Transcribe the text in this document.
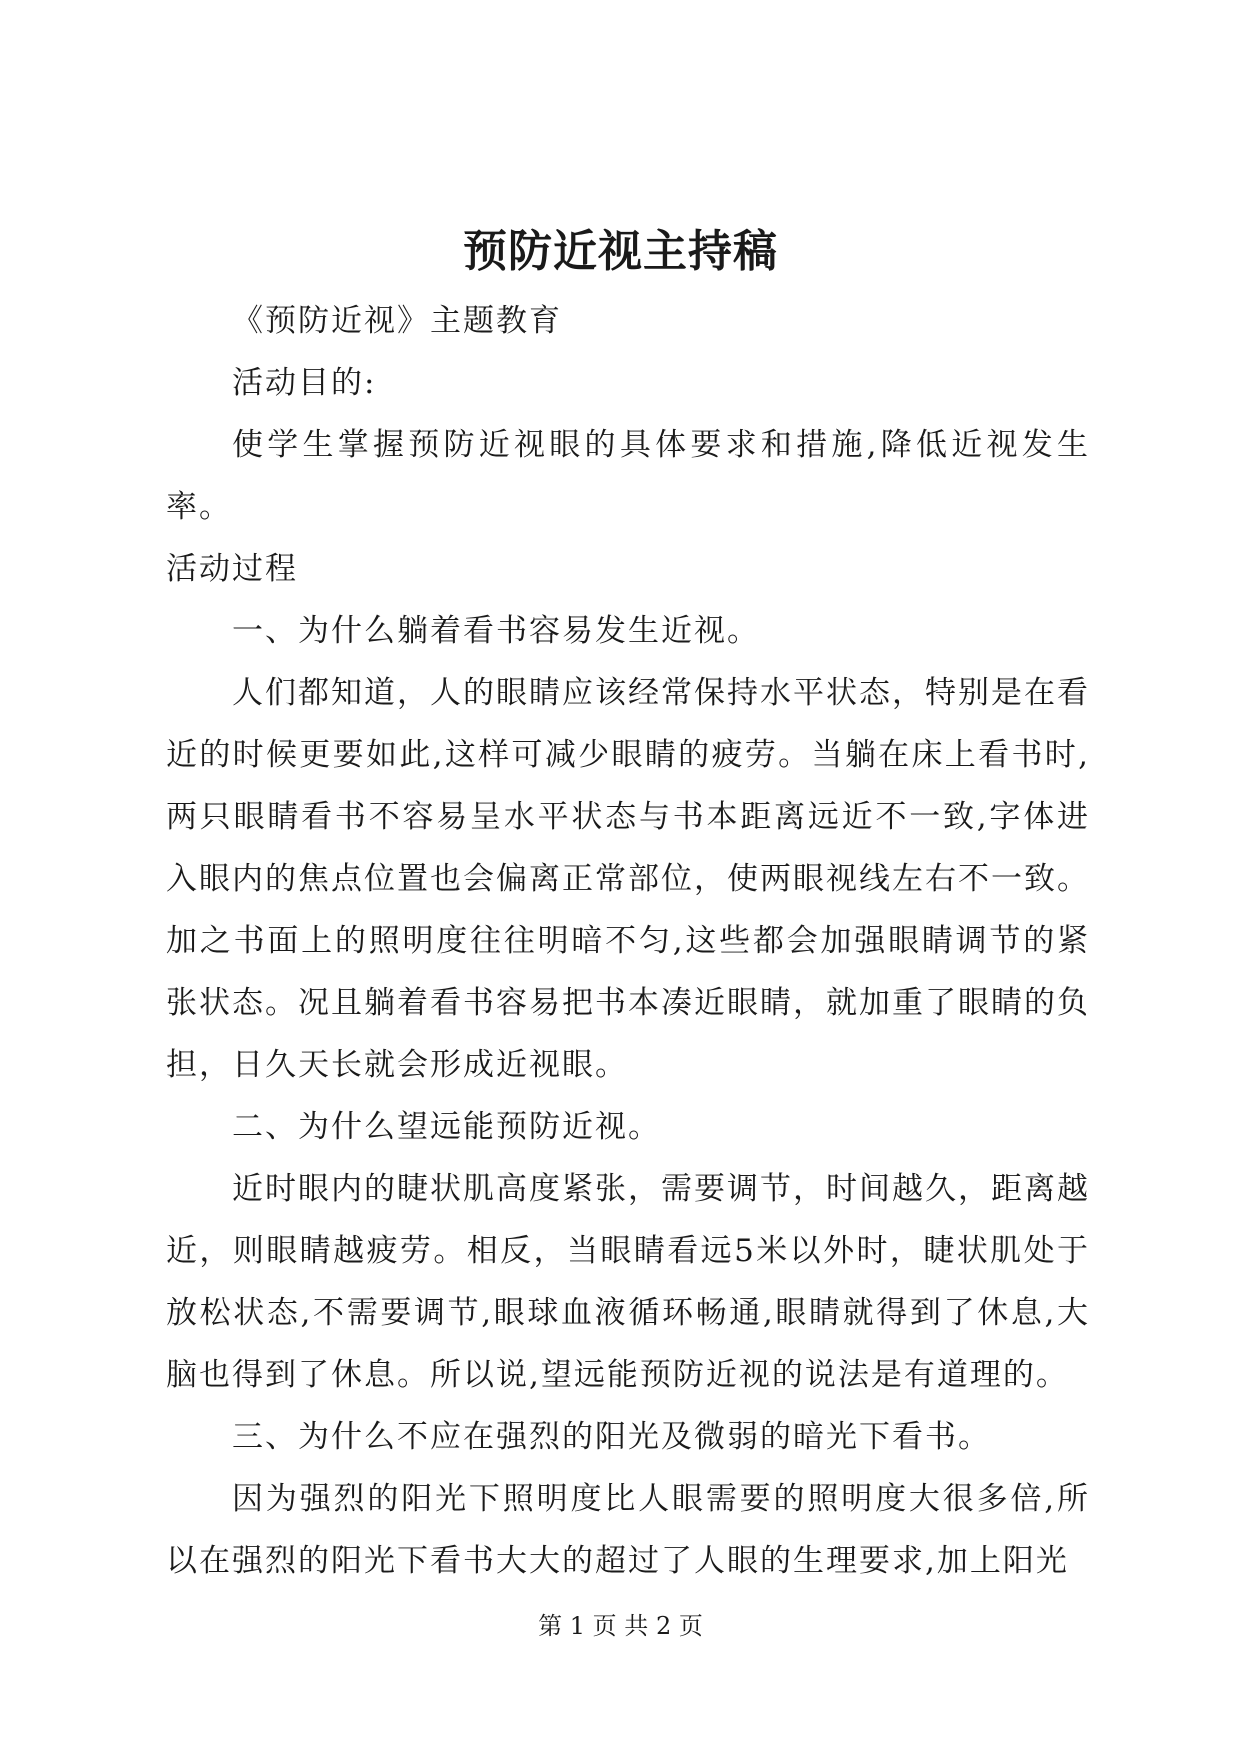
预防近视主持稿

《预防近视》主题教育

活动目的:

使学生掌握预防近视眼的具体要求和措施,降低近视发生率。

活动过程

一、为什么躺着看书容易发生近视。

人们都知道，人的眼睛应该经常保持水平状态，特别是在看近的时候更要如此,这样可减少眼睛的疲劳。当躺在床上看书时,两只眼睛看书不容易呈水平状态与书本距离远近不一致,字体进入眼内的焦点位置也会偏离正常部位，使两眼视线左右不一致。加之书面上的照明度往往明暗不匀,这些都会加强眼睛调节的紧张状态。况且躺着看书容易把书本凑近眼睛，就加重了眼睛的负担，日久天长就会形成近视眼。

二、为什么望远能预防近视。

近时眼内的睫状肌高度紧张，需要调节，时间越久，距离越近，则眼睛越疲劳。相反，当眼睛看远5米以外时，睫状肌处于放松状态,不需要调节,眼球血液循环畅通,眼睛就得到了休息,大脑也得到了休息。所以说,望远能预防近视的说法是有道理的。

三、为什么不应在强烈的阳光及微弱的暗光下看书。

因为强烈的阳光下照明度比人眼需要的照明度大很多倍,所以在强烈的阳光下看书大大的超过了人眼的生理要求,加上阳光

第 1 页 共 2 页
